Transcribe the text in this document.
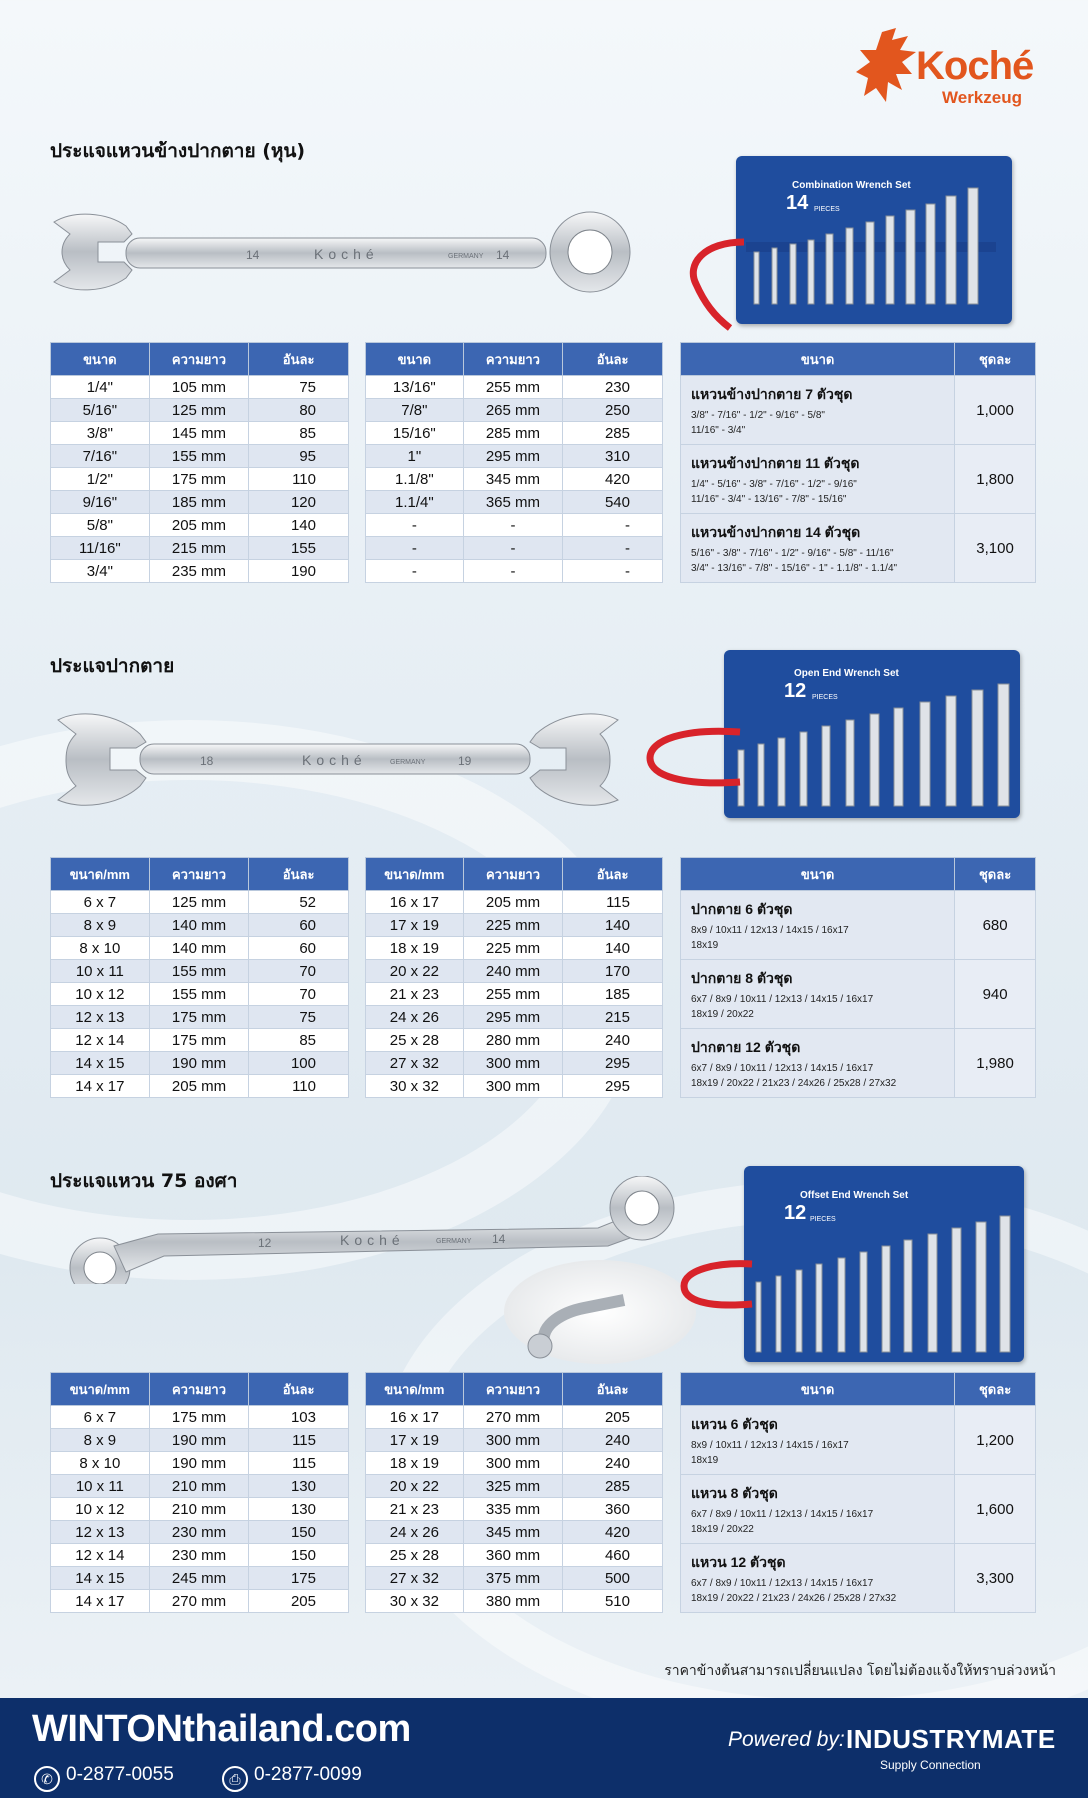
Koché
Werkzeug
ประแจแหวนข้างปากตาย (หุน)
14	Koché	GERMANY 14
Combination Wrench Set
14 PIECES
ขนาด	ความยาว	อันละ
1/4"	105 mm	75
5/16"	125 mm	80
3/8"	145 mm	85
7/16"	155 mm	95
1/2"	175 mm	110
9/16"	185 mm	120
5/8"	205 mm	140
11/16"	215 mm	155
3/4"	235 mm	190
ขนาด	ความยาว	อันละ
13/16"	255 mm	230
7/8"	265 mm	250
15/16"	285 mm	285
1"	295 mm	310
1.1/8"	345 mm	420
1.1/4"	365 mm	540
-	-	-
-	-	-
-	-	-
ขนาด	ชุดละ

แหวนข้างปากตาย 7 ตัวชุด
3/8" - 7/16" - 1/2" - 9/16" - 5/8"
11/16" - 3/4"	1,000

แหวนข้างปากตาย 11 ตัวชุด
1/4" - 5/16" - 3/8" - 7/16" - 1/2" - 9/16"
11/16" - 3/4" - 13/16" - 7/8" - 15/16"	1,800

แหวนข้างปากตาย 14 ตัวชุด
5/16" - 3/8" - 7/16" - 1/2" - 9/16" - 5/8" - 11/16"
3/4" - 13/16" - 7/8" - 15/16" - 1" - 1.1/8" - 1.1/4"	3,100
ประแจปากตาย
18	Koché	GERMANY	19
Open End Wrench Set
12 PIECES
ขนาด/mm	ความยาว	อันละ
6 x 7	125 mm	52
8 x 9	140 mm	60
8 x 10	140 mm	60
10 x 11	155 mm	70
10 x 12	155 mm	70
12 x 13	175 mm	75
12 x 14	175 mm	85
14 x 15	190 mm	100
14 x 17	205 mm	110
ขนาด/mm	ความยาว	อันละ
16 x 17	205 mm	115
17 x 19	225 mm	140
18 x 19	225 mm	140
20 x 22	240 mm	170
21 x 23	255 mm	185
24 x 26	295 mm	215
25 x 28	280 mm	240
27 x 32	300 mm	295
30 x 32	300 mm	295
ขนาด	ชุดละ

ปากตาย 6 ตัวชุด
8x9 / 10x11 / 12x13 / 14x15 / 16x17
18x19	680

ปากตาย 8 ตัวชุด
6x7 / 8x9 / 10x11 / 12x13 / 14x15 / 16x17
18x19 / 20x22	940

ปากตาย 12 ตัวชุด
6x7 / 8x9 / 10x11 / 12x13 / 14x15 / 16x17
18x19 / 20x22 / 21x23 / 24x26 / 25x28 / 27x32	1,980
ประแจแหวน 75 องศา
12	Koché	GERMANY 14
Offset End Wrench Set
12 PIECES
ขนาด/mm	ความยาว	อันละ
6 x 7	175 mm	103
8 x 9	190 mm	115
8 x 10	190 mm	115
10 x 11	210 mm	130
10 x 12	210 mm	130
12 x 13	230 mm	150
12 x 14	230 mm	150
14 x 15	245 mm	175
14 x 17	270 mm	205
ขนาด/mm	ความยาว	อันละ
16 x 17	270 mm	205
17 x 19	300 mm	240
18 x 19	300 mm	240
20 x 22	325 mm	285
21 x 23	335 mm	360
24 x 26	345 mm	420
25 x 28	360 mm	460
27 x 32	375 mm	500
30 x 32	380 mm	510
ขนาด	ชุดละ

แหวน 6 ตัวชุด
8x9 / 10x11 / 12x13 / 14x15 / 16x17
18x19	1,200

แหวน 8 ตัวชุด
6x7 / 8x9 / 10x11 / 12x13 / 14x15 / 16x17
18x19 / 20x22	1,600

แหวน 12 ตัวชุด
6x7 / 8x9 / 10x11 / 12x13 / 14x15 / 16x17
18x19 / 20x22 / 21x23 / 24x26 / 25x28 / 27x32	3,300
ราคาข้างต้นสามารถเปลี่ยนแปลง โดยไม่ต้องแจ้งให้ทราบล่วงหน้า
WINTONthailand.com
✆ 0-2877-0055	⎙ 0-2877-0099
Powered by: INDUSTRYMATE
Supply Connection
